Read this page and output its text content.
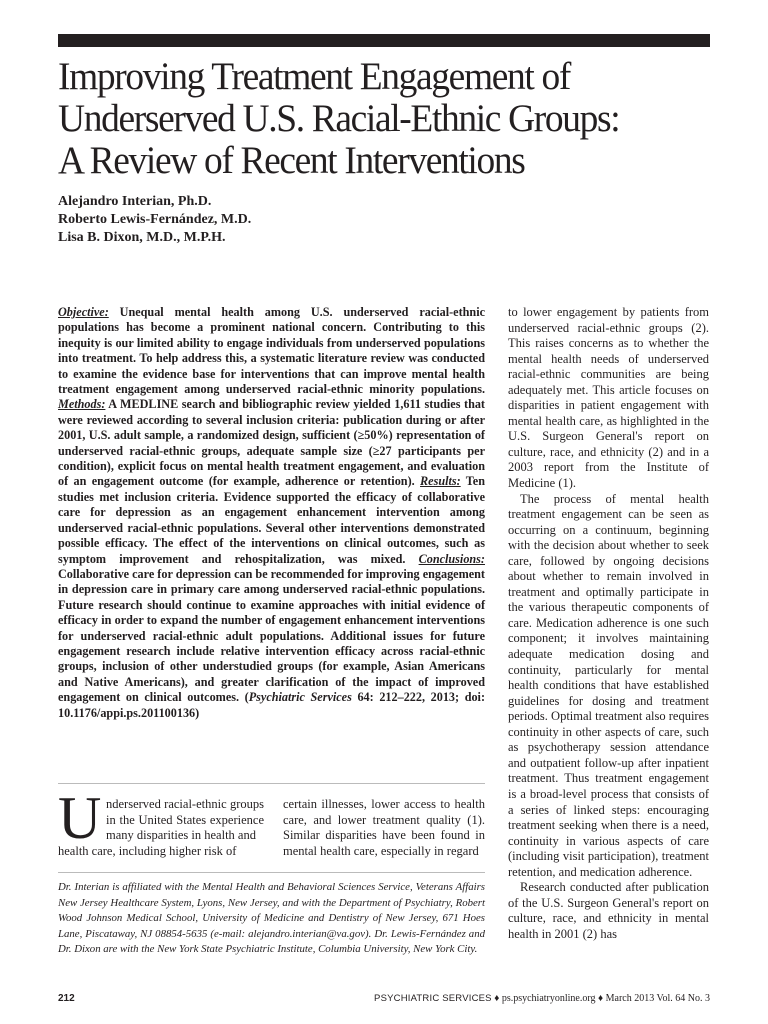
Improving Treatment Engagement of
Underserved U.S. Racial-Ethnic Groups:
A Review of Recent Interventions
Alejandro Interian, Ph.D.
Roberto Lewis-Fernández, M.D.
Lisa B. Dixon, M.D., M.P.H.
Objective: Unequal mental health among U.S. underserved racial-ethnic populations has become a prominent national concern. Contributing to this inequity is our limited ability to engage individuals from underserved populations into treatment. To help address this, a systematic literature review was conducted to examine the evidence base for interventions that can improve mental health treatment engagement among underserved racial-ethnic minority populations. Methods: A MEDLINE search and bibliographic review yielded 1,611 studies that were reviewed according to several inclusion criteria: publication during or after 2001, U.S. adult sample, a randomized design, sufficient (≥50%) representation of underserved racial-ethnic groups, adequate sample size (≥27 participants per condition), explicit focus on mental health treatment engagement, and evaluation of an engagement outcome (for example, adherence or retention). Results: Ten studies met inclusion criteria. Evidence supported the efficacy of collaborative care for depression as an engagement enhancement intervention among underserved racial-ethnic populations. Several other interventions demonstrated possible efficacy. The effect of the interventions on clinical outcomes, such as symptom improvement and rehospitalization, was mixed. Conclusions: Collaborative care for depression can be recommended for improving engagement in depression care in primary care among underserved racial-ethnic populations. Future research should continue to examine approaches with initial evidence of efficacy in order to expand the number of engagement enhancement interventions for underserved racial-ethnic adult populations. Additional issues for future engagement research include relative intervention efficacy across racial-ethnic groups, inclusion of other understudied groups (for example, Asian Americans and Native Americans), and greater clarification of the impact of improved engagement on clinical outcomes. (Psychiatric Services 64: 212–222, 2013; doi: 10.1176/appi.ps.201100136)
U nderserved racial-ethnic groups in the United States experience many disparities in health and
health care, including higher risk of
certain illnesses, lower access to health care, and lower treatment quality (1). Similar disparities have been found in mental health care, especially in regard
Dr. Interian is affiliated with the Mental Health and Behavioral Sciences Service, Veterans Affairs New Jersey Healthcare System, Lyons, New Jersey, and with the Department of Psychiatry, Robert Wood Johnson Medical School, University of Medicine and Dentistry of New Jersey, 671 Hoes Lane, Piscataway, NJ 08854-5635 (e-mail: alejandro.interian@va.gov). Dr. Lewis-Fernández and Dr. Dixon are with the New York State Psychiatric Institute, Columbia University, New York City.

to lower engagement by patients from underserved racial-ethnic groups (2). This raises concerns as to whether the mental health needs of underserved racial-ethnic communities are being adequately met. This article focuses on disparities in patient engagement with mental health care, as highlighted in the U.S. Surgeon General's report on culture, race, and ethnicity (2) and in a 2003 report from the Institute of Medicine (1).

The process of mental health treatment engagement can be seen as occurring on a continuum, beginning with the decision about whether to seek care, followed by ongoing decisions about whether to remain involved in treatment and optimally participate in the various therapeutic components of care. Medication adherence is one such component; it involves maintaining adequate medication dosing and continuity, particularly for mental health conditions that have established guidelines for dosing and treatment periods. Optimal treatment also requires continuity in other aspects of care, such as psychotherapy session attendance and outpatient follow-up after inpatient treatment. Thus treatment engagement is a broad-level process that consists of a series of linked steps: encouraging treatment seeking when there is a need, continuity in various aspects of care (including visit participation), treatment retention, and medication adherence.

Research conducted after publication of the U.S. Surgeon General's report on culture, race, and ethnicity in mental health in 2001 (2) has

212	PSYCHIATRIC SERVICES ♦ ps.psychiatryonline.org ♦ March 2013 Vol. 64 No. 3
